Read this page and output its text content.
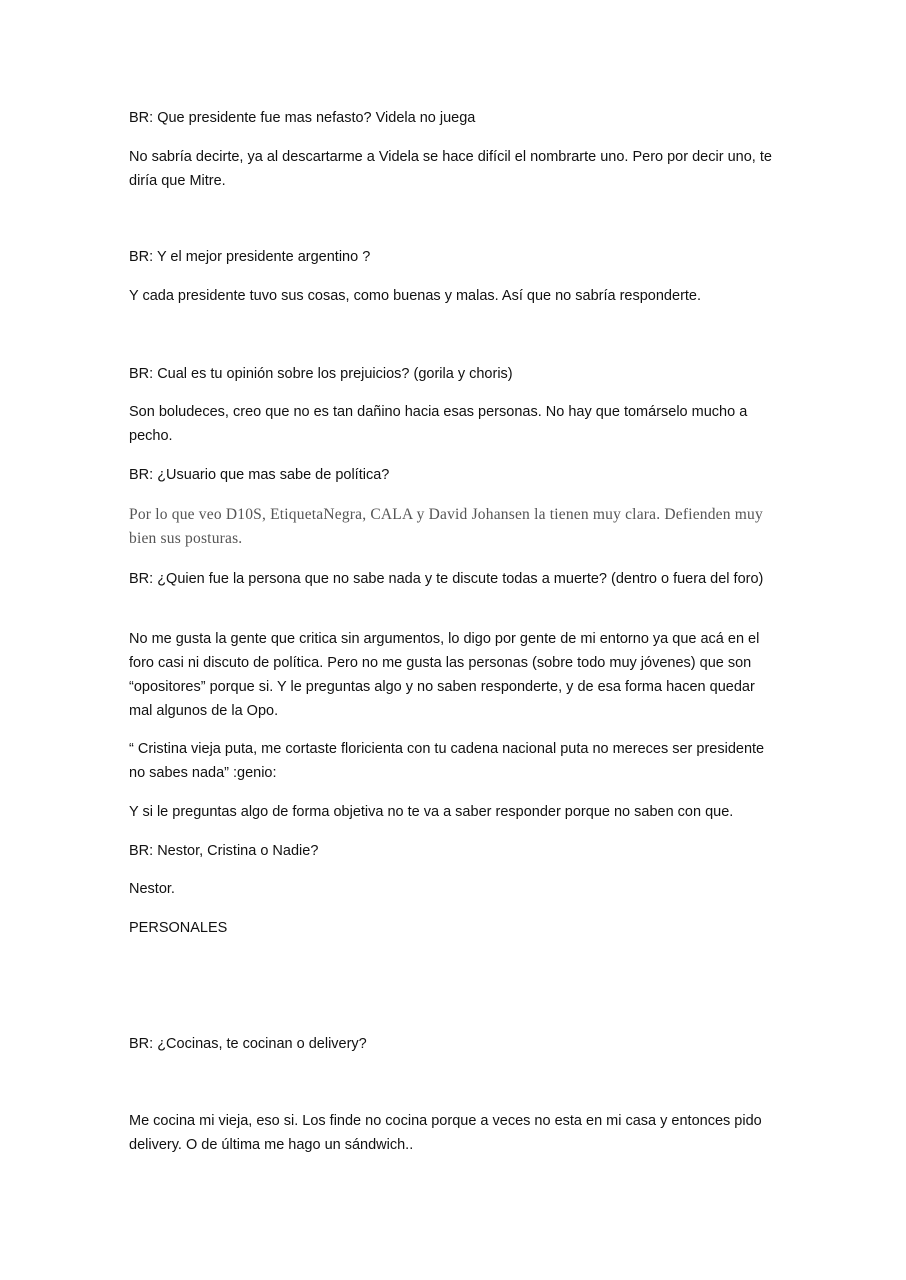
BR: Que presidente fue mas nefasto? Videla no juega

No sabría decirte, ya al descartarme a Videla se hace difícil el nombrarte uno. Pero por decir uno, te diría que Mitre.

BR: Y el mejor presidente argentino ?

Y cada presidente tuvo sus cosas, como buenas y malas. Así que no sabría responderte.

BR: Cual es tu opinión sobre los prejuicios? (gorila y choris)

Son boludeces, creo que no es tan dañino hacia esas personas. No hay que tomárselo mucho a pecho.

BR: ¿Usuario que mas sabe de política?

Por lo que veo D10S, EtiquetaNegra, CALA y David Johansen la tienen muy clara. Defienden muy bien sus posturas.

BR: ¿Quien fue la persona que no sabe nada y te discute todas a muerte? (dentro o fuera del foro)

No me gusta la gente que critica sin argumentos, lo digo por gente de mi entorno ya que acá en el foro casi ni discuto de política. Pero no me gusta las personas (sobre todo muy jóvenes) que son “opositores” porque si. Y le preguntas algo y no saben responderte, y de esa forma hacen quedar mal algunos de la Opo.

“ Cristina vieja puta, me cortaste floricienta con tu cadena nacional puta no mereces ser presidente no sabes nada” :genio:

Y si le preguntas algo de forma objetiva no te va a saber responder porque no saben con que.

BR: Nestor, Cristina o Nadie?

Nestor.

PERSONALES

BR: ¿Cocinas, te cocinan o delivery?

Me cocina mi vieja, eso si. Los finde no cocina porque a veces no esta en mi casa y entonces pido delivery. O de última me hago un sándwich..
